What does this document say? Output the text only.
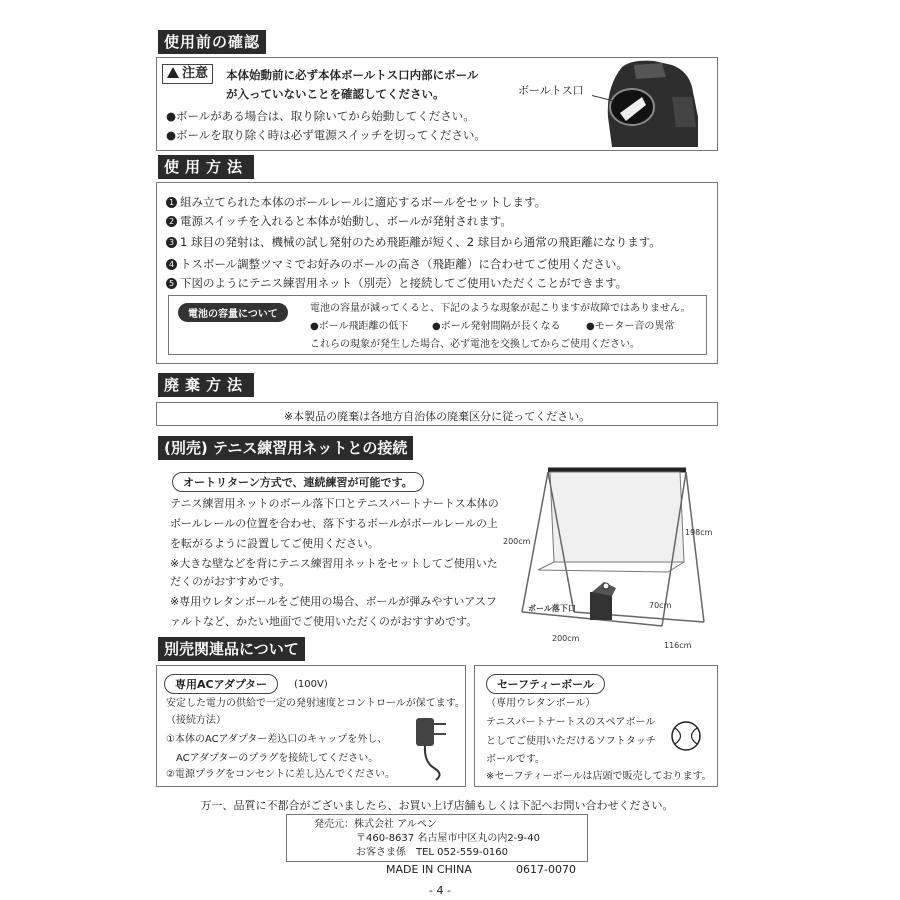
使用前の確認
注意	本体始動前に必ず本体ボールトス口内部にボール
が入っていないことを確認してください。
●ボールがある場合は、取り除いてから始動してください。
●ボールを取り除く時は必ず電源スイッチを切ってください。
ボールトス口
使用方法
1 組み立てられた本体のボールレールに適応するボールをセットします。
2 電源スイッチを入れると本体が始動し、ボールが発射されます。
3 1 球目の発射は、機械の試し発射のため飛距離が短く、2 球目から通常の飛距離になります。
4 トスボール調整ツマミでお好みのボールの高さ（飛距離）に合わせてご使用ください。
5 下図のようにテニス練習用ネット（別売）と接続してご使用いただくことができます。
電池の容量について
電池の容量が減ってくると、下記のような現象が起こりますが故障ではありません。
●ボール飛距離の低下 ●ボール発射間隔が長くなる	●モーター音の異常
これらの現象が発生した場合、必ず電池を交換してからご使用ください。
廃棄方法
※本製品の廃棄は各地方自治体の廃棄区分に従ってください。
(別売) テニス練習用ネットとの接続
オートリターン方式で、連続練習が可能です。
テニス練習用ネットのボール落下口とテニスパートナートス本体の
ボールレールの位置を合わせ、落下するボールがボールレールの上
を転がるように設置してご使用ください。
※大きな壁などを背にテニス練習用ネットをセットしてご使用いた
だくのがおすすめです。
※専用ウレタンボールをご使用の場合、ボールが弾みやすいアスフ
ァルトなど、かたい地面でご使用いただくのがおすすめです。
200cm
198cm
70cm
200cm
116cm
ボール落下口
別売関連品について
専用ACアダプター	(100V)
安定した電力の供給で一定の発射速度とコントロールが保てます。
（接続方法）
①本体のACアダプター差込口のキャップを外し、
ACアダプターのプラグを接続してください。
②電源プラグをコンセントに差し込んでください。
セーフティーボール
（専用ウレタンボール）
テニスパートナートスのスペアボール
としてご使用いただけるソフトタッチ
ボールです。
※セーフティーボールは店頭で販売しております。
万一、品質に不都合がございましたら、お買い上げ店舗もしくは下記へお問い合わせください。
発売元：株式会社 アルペン
〒460-8637 名古屋市中区丸の内2-9-40
お客さま係　TEL 052-559-0160
MADE IN CHINA	0617-0070
- 4 -
